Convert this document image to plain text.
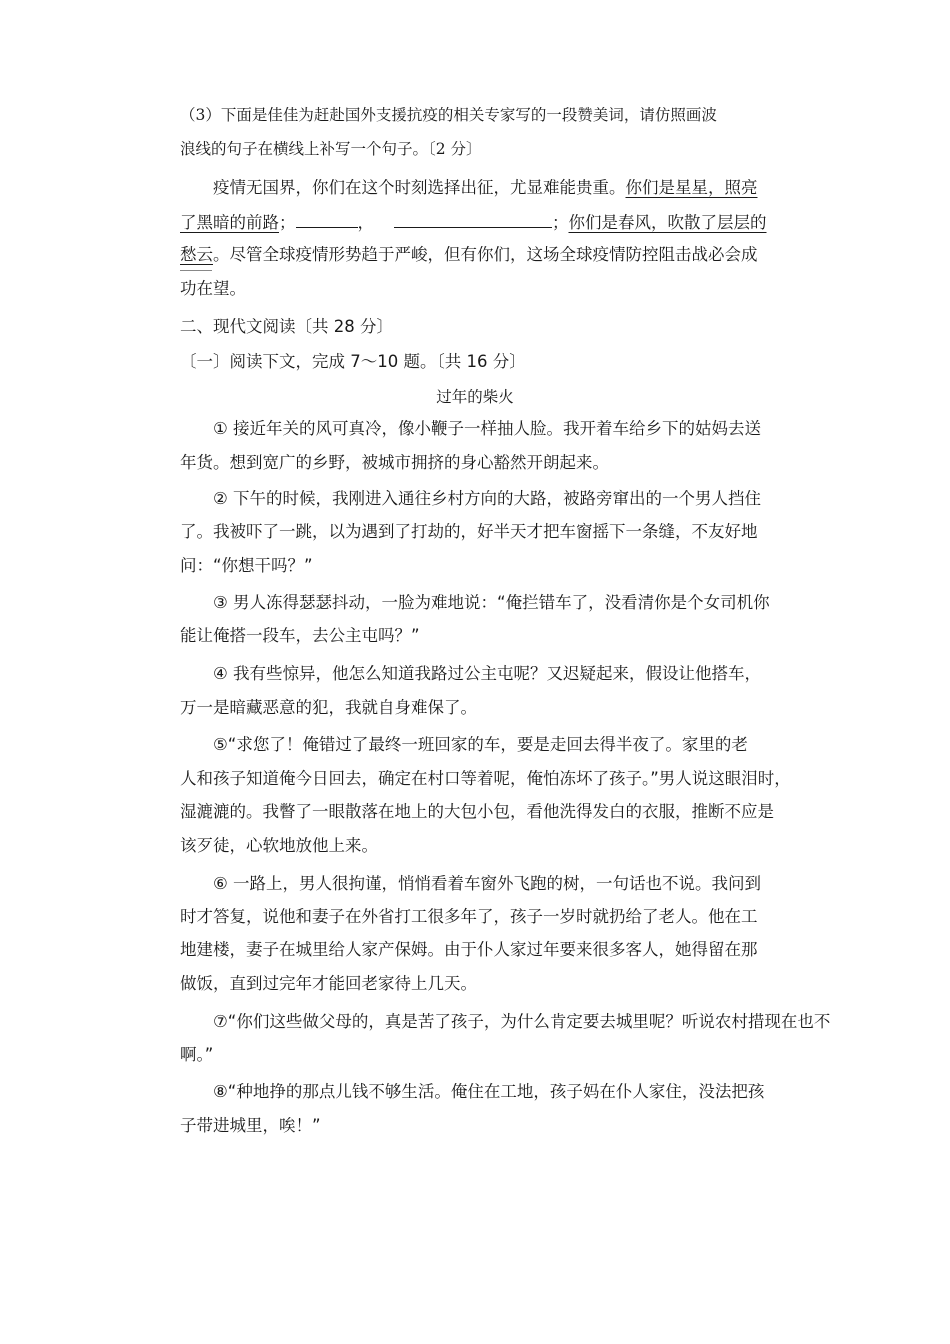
（3）下面是佳佳为赶赴国外支援抗疫的相关专家写的一段赞美词，请仿照画波
浪线的句子在横线上补写一个句子。〔2 分〕
疫情无国界，你们在这个时刻选择出征，尤显难能贵重。你们是星星，照亮
了黑暗的前路；	，	；你们是春风，吹散了层层的
愁云。尽管全球疫情形势趋于严峻，但有你们，这场全球疫情防控阻击战必会成
功在望。
二、现代文阅读〔共 28 分〕
〔一〕阅读下文，完成 7～10 题。〔共 16 分〕
过年的柴火
① 接近年关的风可真冷，像小鞭子一样抽人脸。我开着车给乡下的姑妈去送
年货。想到宽广的乡野，被城市拥挤的身心豁然开朗起来。
② 下午的时候，我刚进入通往乡村方向的大路，被路旁窜出的一个男人挡住
了。我被吓了一跳，以为遇到了打劫的，好半天才把车窗摇下一条缝，不友好地
问：“你想干吗？”
③ 男人冻得瑟瑟抖动，一脸为难地说：“俺拦错车了，没看清你是个女司机你
能让俺搭一段车，去公主屯吗？”
④ 我有些惊异，他怎么知道我路过公主屯呢？又迟疑起来，假设让他搭车，
万一是暗藏恶意的犯，我就自身难保了。
⑤“求您了！俺错过了最终一班回家的车，要是走回去得半夜了。家里的老
人和孩子知道俺今日回去，确定在村口等着呢，俺怕冻坏了孩子。”男人说这眼泪时，
湿漉漉的。我瞥了一眼散落在地上的大包小包，看他洗得发白的衣服，推断不应是
该歹徒，心软地放他上来。
⑥ 一路上，男人很拘谨，悄悄看着车窗外飞跑的树，一句话也不说。我问到
时才答复，说他和妻子在外省打工很多年了，孩子一岁时就扔给了老人。他在工
地建楼，妻子在城里给人家产保姆。由于仆人家过年要来很多客人，她得留在那
做饭，直到过完年才能回老家待上几天。
⑦“你们这些做父母的，真是苦了孩子，为什么肯定要去城里呢？听说农村措现在也不
啊。”
⑧“种地挣的那点儿钱不够生活。俺住在工地，孩子妈在仆人家住，没法把孩
子带进城里，唉！”
